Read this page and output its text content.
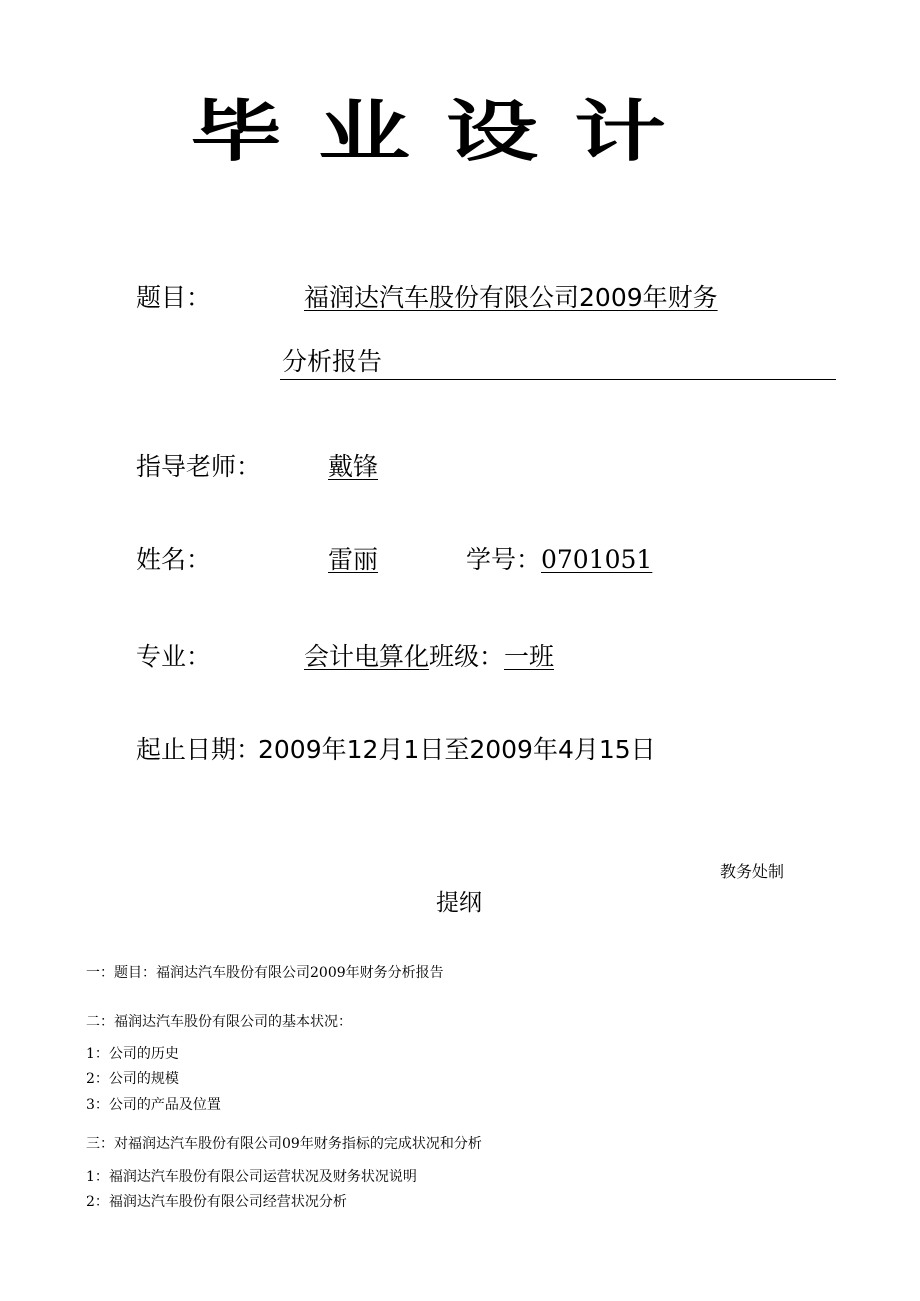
毕业设计
题目：	福润达汽车股份有限公司2009年财务
分析报告
指导老师：	戴锋
姓名：	雷丽	学号： 0701051
专业：	会计电算化 班级： 一班
起止日期：
2009年12月1日至2009年4月15日
教务处制
提纲
一：题目：福润达汽车股份有限公司2009年财务分析报告
二：福润达汽车股份有限公司的基本状况：
1：公司的历史
2：公司的规模
3：公司的产品及位置
三：对福润达汽车股份有限公司09年财务指标的完成状况和分析
1：福润达汽车股份有限公司运营状况及财务状况说明
2：福润达汽车股份有限公司经营状况分析
